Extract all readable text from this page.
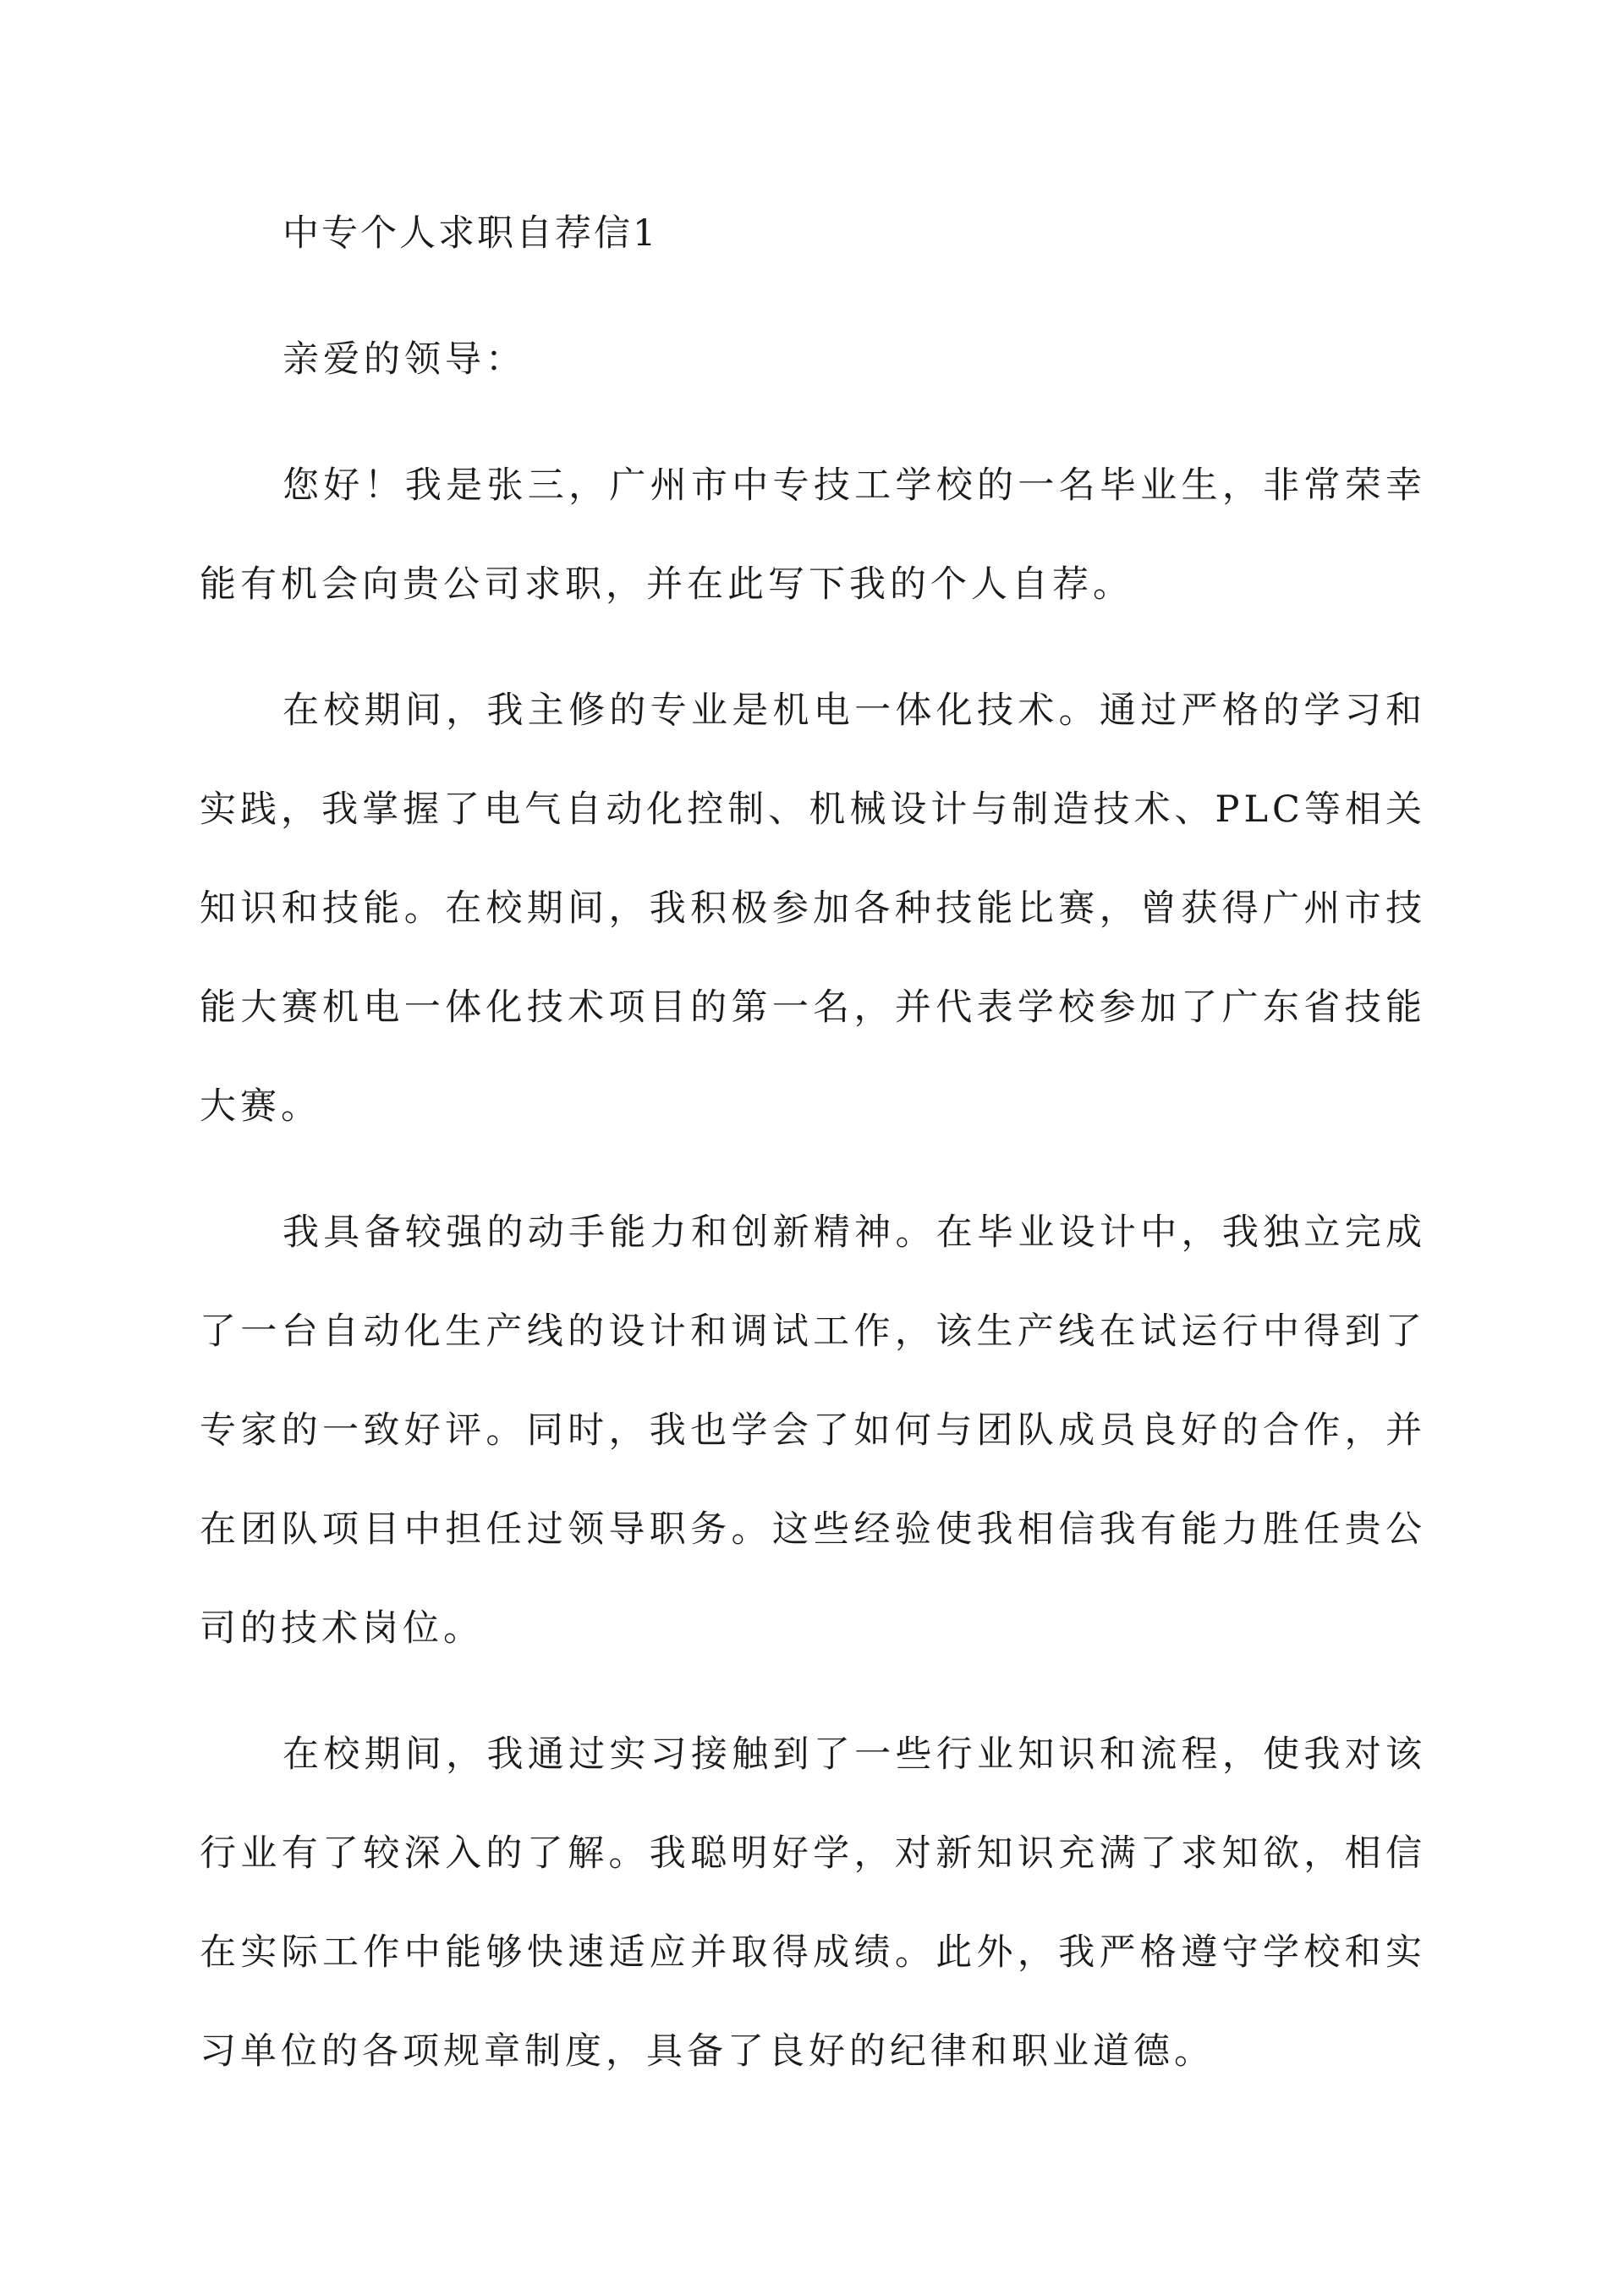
中专个人求职自荐信1

亲爱的领导：

您好！我是张三，广州市中专技工学校的一名毕业生，非常荣幸能有机会向贵公司求职，并在此写下我的个人自荐。

在校期间，我主修的专业是机电一体化技术。通过严格的学习和实践，我掌握了电气自动化控制、机械设计与制造技术、PLC等相关知识和技能。在校期间，我积极参加各种技能比赛，曾获得广州市技能大赛机电一体化技术项目的第一名，并代表学校参加了广东省技能大赛。

我具备较强的动手能力和创新精神。在毕业设计中，我独立完成了一台自动化生产线的设计和调试工作，该生产线在试运行中得到了专家的一致好评。同时，我也学会了如何与团队成员良好的合作，并在团队项目中担任过领导职务。这些经验使我相信我有能力胜任贵公司的技术岗位。

在校期间，我通过实习接触到了一些行业知识和流程，使我对该行业有了较深入的了解。我聪明好学，对新知识充满了求知欲，相信在实际工作中能够快速适应并取得成绩。此外，我严格遵守学校和实习单位的各项规章制度，具备了良好的纪律和职业道德。
